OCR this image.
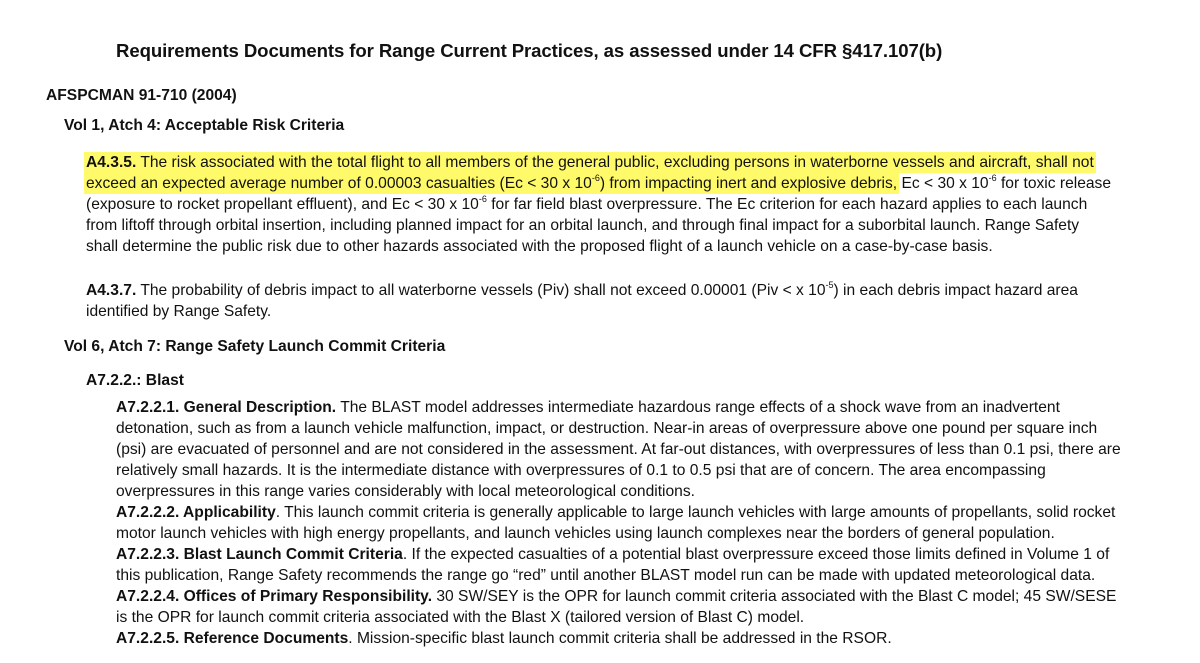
Requirements Documents for Range Current Practices, as assessed under 14 CFR §417.107(b)
AFSPCMAN 91-710 (2004)
Vol 1, Atch 4: Acceptable Risk Criteria
A4.3.5. The risk associated with the total flight to all members of the general public, excluding persons in waterborne vessels and aircraft, shall not
exceed an expected average number of 0.00003 casualties (Ec < 30 x $10^{-6}$) from impacting inert and explosive debris, Ec < 30 x $10^{-6}$ for toxic release
(exposure to rocket propellant effluent), and Ec < 30 x $10^{-6}$ for far field blast overpressure. The Ec criterion for each hazard applies to each launch
from liftoff through orbital insertion, including planned impact for an orbital launch, and through final impact for a suborbital launch. Range Safety
shall determine the public risk due to other hazards associated with the proposed flight of a launch vehicle on a case-by-case basis.
A4.3.7. The probability of debris impact to all waterborne vessels (Piv) shall not exceed 0.00001 (Piv < x $10^{-5}$) in each debris impact hazard area
identified by Range Safety.
Vol 6, Atch 7: Range Safety Launch Commit Criteria
A7.2.2.: Blast
A7.2.2.1. General Description. The BLAST model addresses intermediate hazardous range effects of a shock wave from an inadvertent
detonation, such as from a launch vehicle malfunction, impact, or destruction. Near-in areas of overpressure above one pound per square inch
(psi) are evacuated of personnel and are not considered in the assessment. At far-out distances, with overpressures of less than 0.1 psi, there are
relatively small hazards. It is the intermediate distance with overpressures of 0.1 to 0.5 psi that are of concern. The area encompassing
overpressures in this range varies considerably with local meteorological conditions.
A7.2.2.2. Applicability. This launch commit criteria is generally applicable to large launch vehicles with large amounts of propellants, solid rocket
motor launch vehicles with high energy propellants, and launch vehicles using launch complexes near the borders of general population.
A7.2.2.3. Blast Launch Commit Criteria. If the expected casualties of a potential blast overpressure exceed those limits defined in Volume 1 of
this publication, Range Safety recommends the range go “red” until another BLAST model run can be made with updated meteorological data.
A7.2.2.4. Offices of Primary Responsibility. 30 SW/SEY is the OPR for launch commit criteria associated with the Blast C model; 45 SW/SESE
is the OPR for launch commit criteria associated with the Blast X (tailored version of Blast C) model.
A7.2.2.5. Reference Documents. Mission-specific blast launch commit criteria shall be addressed in the RSOR.
